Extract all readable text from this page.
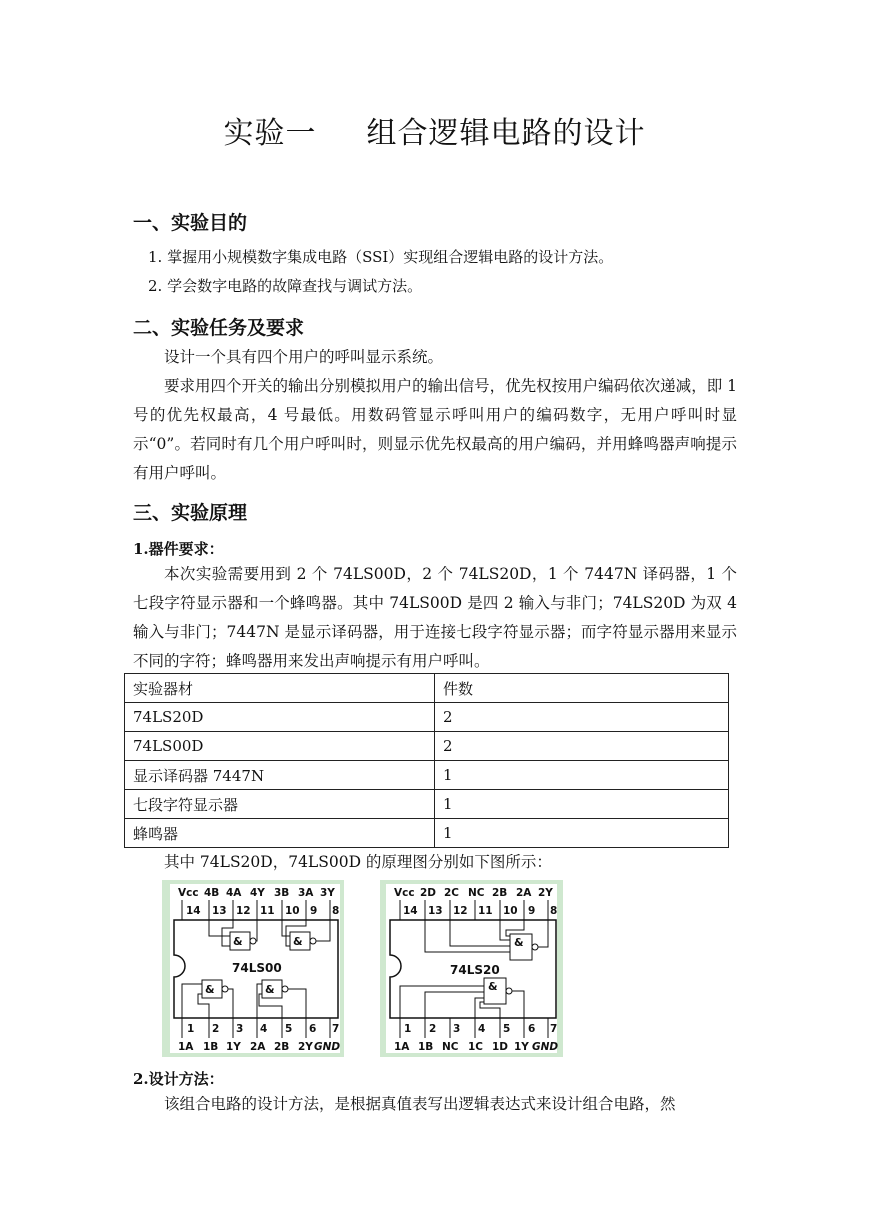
实验一 组合逻辑电路的设计
一、实验目的
1. 掌握用小规模数字集成电路（SSI）实现组合逻辑电路的设计方法。
2. 学会数字电路的故障查找与调试方法。
二、实验任务及要求
设计一个具有四个用户的呼叫显示系统。
要求用四个开关的输出分别模拟用户的输出信号，优先权按用户编码依次递减，即 1 号的优先权最高，4 号最低。用数码管显示呼叫用户的编码数字，无用户呼叫时显示“0”。若同时有几个用户呼叫时，则显示优先权最高的用户编码，并用蜂鸣器声响提示有用户呼叫。
三、实验原理
1.器件要求：
本次实验需要用到 2 个 74LS00D，2 个 74LS20D，1 个 7447N 译码器，1 个七段字符显示器和一个蜂鸣器。其中 74LS00D 是四 2 输入与非门；74LS20D 为双 4 输入与非门；7447N 是显示译码器，用于连接七段字符显示器；而字符显示器用来显示不同的字符；蜂鸣器用来发出声响提示有用户呼叫。
实验器材	件数
74LS20D	2
74LS00D	2
显示译码器 7447N	1
七段字符显示器	1
蜂鸣器	1
其中 74LS20D，74LS00D 的原理图分别如下图所示：
Vcc 4B 4A 4Y 3B 3A 3Y
14 13 12 11 10 9 8
&	&
&	&
74LS00
1 2 3 4 5 6 7
1A 1B 1Y 2A 2B 2Y GND
Vcc 2D 2C NC 2B 2A 2Y
14 13 12 11 10 9 8
&
&
74LS20
1 2 3 4 5 6 7
1A 1B NC 1C 1D 1Y GND
2.设计方法：
该组合电路的设计方法，是根据真值表写出逻辑表达式来设计组合电路，然
